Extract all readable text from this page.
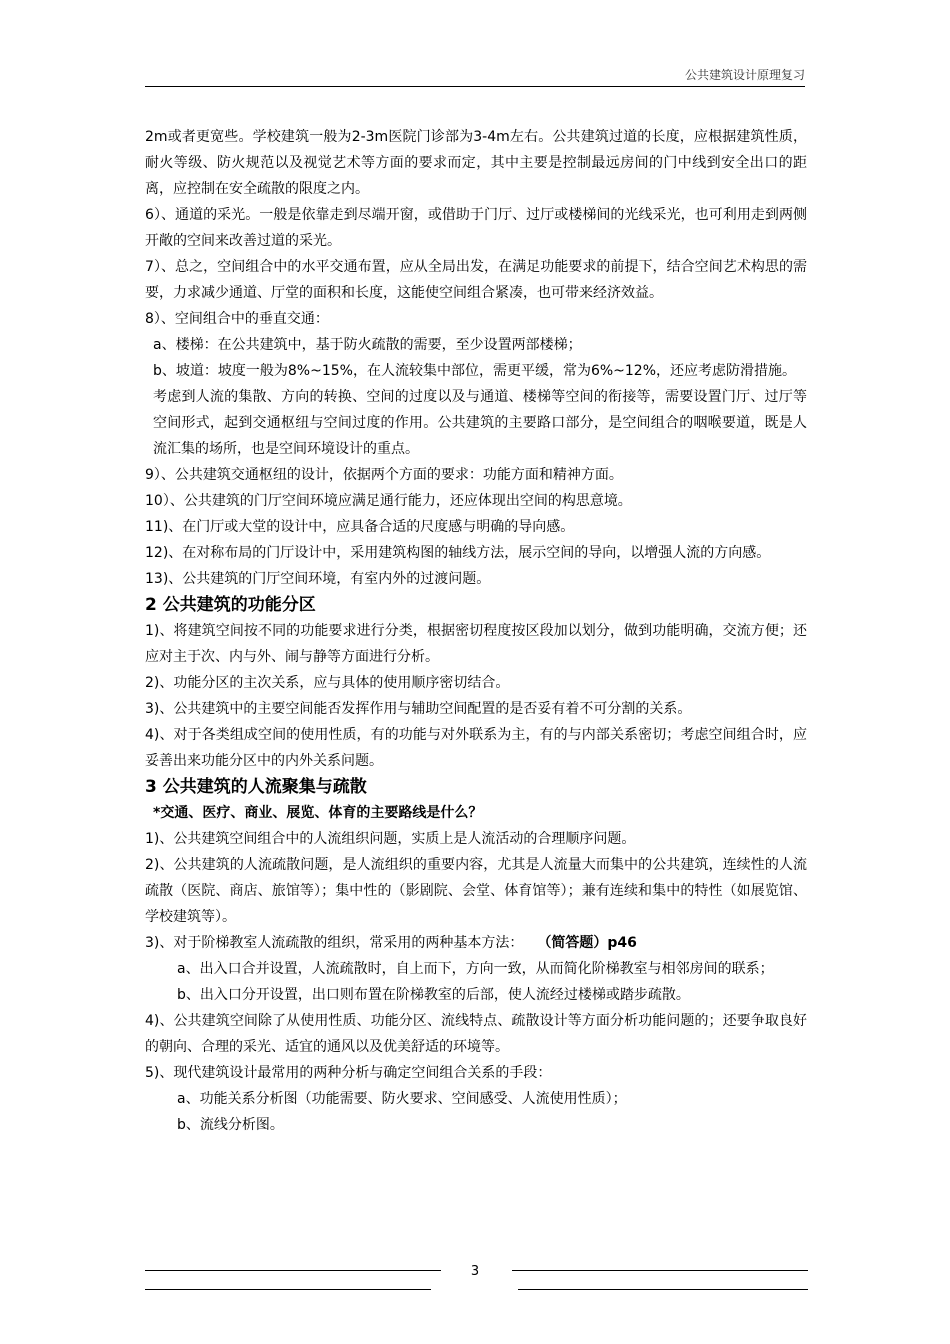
公共建筑设计原理复习

2m或者更宽些。学校建筑一般为2-3m医院门诊部为3-4m左右。公共建筑过道的长度，应根据建筑性质，耐火等级、防火规范以及视觉艺术等方面的要求而定，其中主要是控制最远房间的门中线到安全出口的距离，应控制在安全疏散的限度之内。

6）、通道的采光。一般是依靠走到尽端开窗，或借助于门厅、过厅或楼梯间的光线采光，也可利用走到两侧开敞的空间来改善过道的采光。

7）、总之，空间组合中的水平交通布置，应从全局出发，在满足功能要求的前提下，结合空间艺术构思的需要，力求减少通道、厅堂的面积和长度，这能使空间组合紧凑，也可带来经济效益。

8）、空间组合中的垂直交通：

a、楼梯：在公共建筑中，基于防火疏散的需要，至少设置两部楼梯；

b、坡道：坡度一般为8%~15%，在人流较集中部位，需更平缓，常为6%~12%，还应考虑防滑措施。

考虑到人流的集散、方向的转换、空间的过度以及与通道、楼梯等空间的衔接等，需要设置门厅、过厅等空间形式，起到交通枢纽与空间过度的作用。公共建筑的主要路口部分，是空间组合的咽喉要道，既是人流汇集的场所，也是空间环境设计的重点。

9）、公共建筑交通枢纽的设计，依据两个方面的要求：功能方面和精神方面。

10）、公共建筑的门厅空间环境应满足通行能力，还应体现出空间的构思意境。

11)、在门厅或大堂的设计中，应具备合适的尺度感与明确的导向感。

12)、在对称布局的门厅设计中，采用建筑构图的轴线方法，展示空间的导向，以增强人流的方向感。

13)、公共建筑的门厅空间环境，有室内外的过渡问题。

2 公共建筑的功能分区

1)、将建筑空间按不同的功能要求进行分类，根据密切程度按区段加以划分，做到功能明确，交流方便；还应对主于次、内与外、闹与静等方面进行分析。

2)、功能分区的主次关系，应与具体的使用顺序密切结合。

3)、公共建筑中的主要空间能否发挥作用与辅助空间配置的是否妥有着不可分割的关系。

4)、对于各类组成空间的使用性质，有的功能与对外联系为主，有的与内部关系密切；考虑空间组合时，应妥善出来功能分区中的内外关系问题。

3 公共建筑的人流聚集与疏散

*交通、医疗、商业、展览、体育的主要路线是什么？

1)、公共建筑空间组合中的人流组织问题，实质上是人流活动的合理顺序问题。

2)、公共建筑的人流疏散问题，是人流组织的重要内容，尤其是人流量大而集中的公共建筑，连续性的人流疏散（医院、商店、旅馆等）；集中性的（影剧院、会堂、体育馆等）；兼有连续和集中的特性（如展览馆、学校建筑等）。

3)、对于阶梯教室人流疏散的组织，常采用的两种基本方法： （简答题）p46

a、出入口合并设置，人流疏散时，自上而下，方向一致，从而简化阶梯教室与相邻房间的联系；

b、出入口分开设置，出口则布置在阶梯教室的后部，使人流经过楼梯或踏步疏散。

4)、公共建筑空间除了从使用性质、功能分区、流线特点、疏散设计等方面分析功能问题的；还要争取良好的朝向、合理的采光、适宜的通风以及优美舒适的环境等。

5)、现代建筑设计最常用的两种分析与确定空间组合关系的手段：

a、功能关系分析图（功能需要、防火要求、空间感受、人流使用性质）；

b、流线分析图。

3
